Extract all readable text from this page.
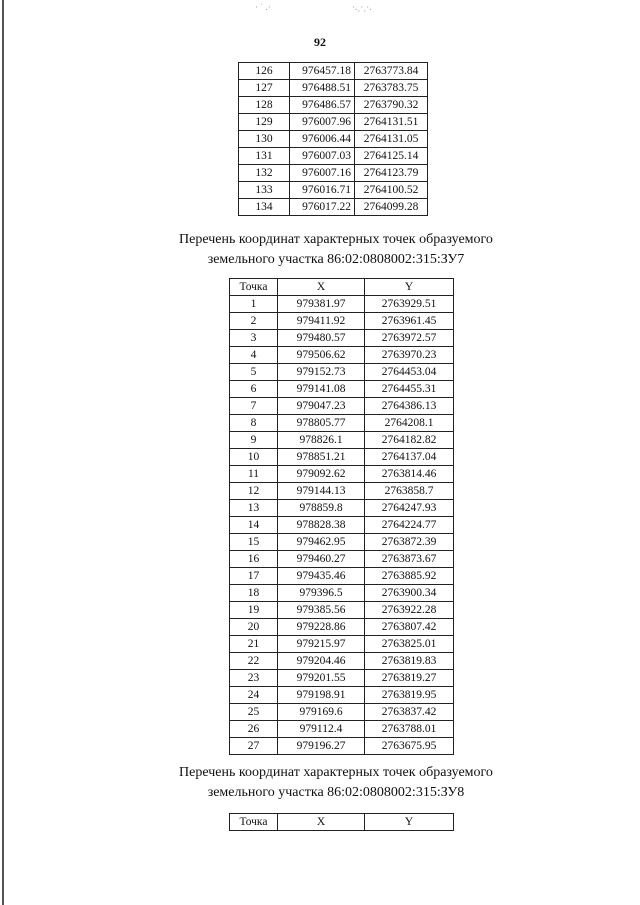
· ˙ .·	·.ˏ·ˎ·.
92
126	976457.18	2763773.84
127	976488.51	2763783.75
128	976486.57	2763790.32
129	976007.96	2764131.51
130	976006.44	2764131.05
131	976007.03	2764125.14
132	976007.16	2764123.79
133	976016.71	2764100.52
134	976017.22	2764099.28
Перечень координат характерных точек образуемого
земельного участка 86:02:0808002:315:ЗУ7
Точка	X	Y
1	979381.97	2763929.51
2	979411.92	2763961.45
3	979480.57	2763972.57
4	979506.62	2763970.23
5	979152.73	2764453.04
6	979141.08	2764455.31
7	979047.23	2764386.13
8	978805.77	2764208.1
9	978826.1	2764182.82
10	978851.21	2764137.04
11	979092.62	2763814.46
12	979144.13	2763858.7
13	978859.8	2764247.93
14	978828.38	2764224.77
15	979462.95	2763872.39
16	979460.27	2763873.67
17	979435.46	2763885.92
18	979396.5	2763900.34
19	979385.56	2763922.28
20	979228.86	2763807.42
21	979215.97	2763825.01
22	979204.46	2763819.83
23	979201.55	2763819.27
24	979198.91	2763819.95
25	979169.6	2763837.42
26	979112.4	2763788.01
27	979196.27	2763675.95
Перечень координат характерных точек образуемого
земельного участка 86:02:0808002:315:ЗУ8
Точка	X	Y
